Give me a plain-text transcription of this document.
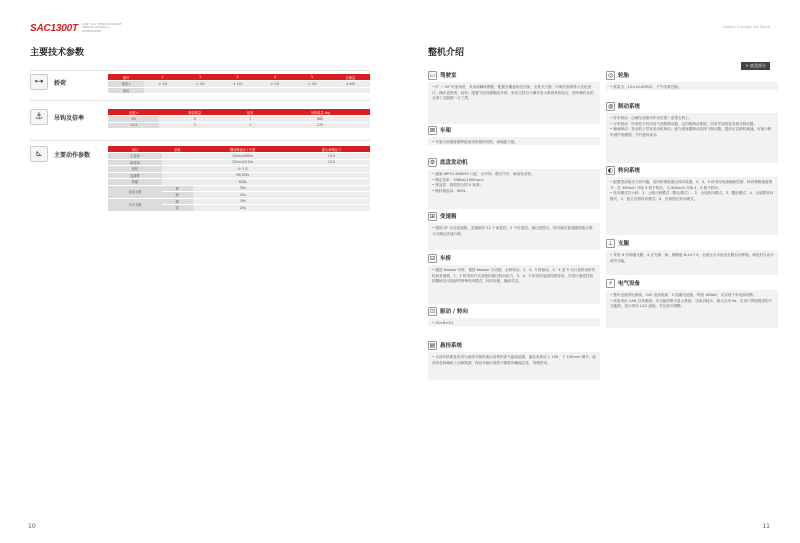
SAC1300T SANY ALL TERRAIN CRANE SPECIFICATIONS & DIMENSIONS
主要技术参数
⊶	轿荷
轴号	1	2	3	4	5	总重量
轴荷 t	< 12t	< 12t	< 12t	< 12t	< 12t	≤ 60t
最优						
⚓	吊钩及倍率
倍数 t	滑轮数量	倍率	吊钩重量 /kg
90	9	7	685
12.5	3	1	270
⊾	主要动作参数
项目	参数	钢丝绳直径 / 长度	最大单绳拉力
主卷扬		22mm/260m	10.5
副卷扬		22mm/210m	10.5
回转		0~1.5	
起落臂		55/105s	
伸缩		600s	
垂直支腿	伸	35s	
	缩	25s	
水平支腿	降	30s	
	收	25s	
10
Quality Changes the World
整机介绍
> 底盘部分
▭ 驾驶室

• 0° ~ 20°可变角度，采用前翻转钢板，配置全覆盖软化内饰，全景式天窗、可调式座椅等人性化设计，操作更舒适、轻松；配置力控视频随双外屏，采用主控台与操作显示系统有机结合，使车辆作业的全部工况数据一目了然。

⊠ 车架

• 车架为高强度钢焊接而成的箱形结构，承载能力强。

⚙ 底盘发动机

• 潍柴 WP12.460E50 六缸、水冷却、增压中冷、柴油发动机；

• 额定功率：338kw/1900rpm；

• 排放性：排放符合国 V 标准；

• 燃料箱容量：600L。

⊞ 变速箱

• 德国 ZF 自动变速箱，变速箱有 12 个前进挡，2 个后退挡，速比范围大，即可满足低速爬坡能行驶又可满足高速行驶。

⊟ 车桥

• 德国 Kessler 车桥，德国 Kessler 分动箱，全桥转向，2、4、5 桥驱动，2、4 及 5 为行星转动桥有轮间差速锁，1、2 桥采用开式双独的液压转向助力，3、4、5 桥采用电液控制转向，可进行速度控制的隔桥及可选择的特殊转向模式，转向轻便，操纵灵活。

⊡ 驱动 / 转向

• 10×8×10。

▤ 悬挂系统

• 全部车桥都是采用为高度可调带液压闭锁的油气悬架装置，悬挂高度可上 190、下 100mm 调节，能适用各种崎岖工况和路面，保证车辆行驶的平顺性和横稳定性、驾驶舒适。

◎ 轮胎

• 数量为，10×14.00R25，子午线真空胎。

◍ 制动系统

• 驻车制动：由储压前驱动作用在第二至第五桥上；

• 行车制动：所有轮子均用双气回路制动器，双回路制动系统，所有车轮均装有鼓式制动器；

• 辅助制动：发动机上带有发动机制动，液力缓速器制动及排气制动器，提前可以缓机减速，可减少制车固件的磨损，节约使用成本。

◐ 转向系统

• 配置带双驱动力转向器，前四桥系统液压转向装置，3、4、5 桥采用电液辅助控制，转向策略速度调节，在 30km/h 开始 3 桥不转向，当 60km/h 开始 4、5 桥不转向；

• 转向模式共六种：1、公路行驶模式（默认模式）；2、全轮转向模式；3、蟹形模式；4、无偏摆转向模式；5、独立后桥转向模式；6、后桥锁定转向模式。

⊥ 支腿

• 采用 H 形伸缩支腿，4 点支撑、纵、横跨距 8.4×7.9，全液压水平垂直支腿自动伸缩，调直后自动平调节功能。

⚡ 电气设备

• 整车直流供电系统，24V 直流电源，2 组蓄电池箱，每组 180AH，可实现下车电源切断；

• 底盘采用 CAN 总线系统，多功能的集中显示系统，功率消耗小，最大应用 fw；在用户界面提供的个交能图，显示采用 LCD 液晶，对比度可调整。

11
